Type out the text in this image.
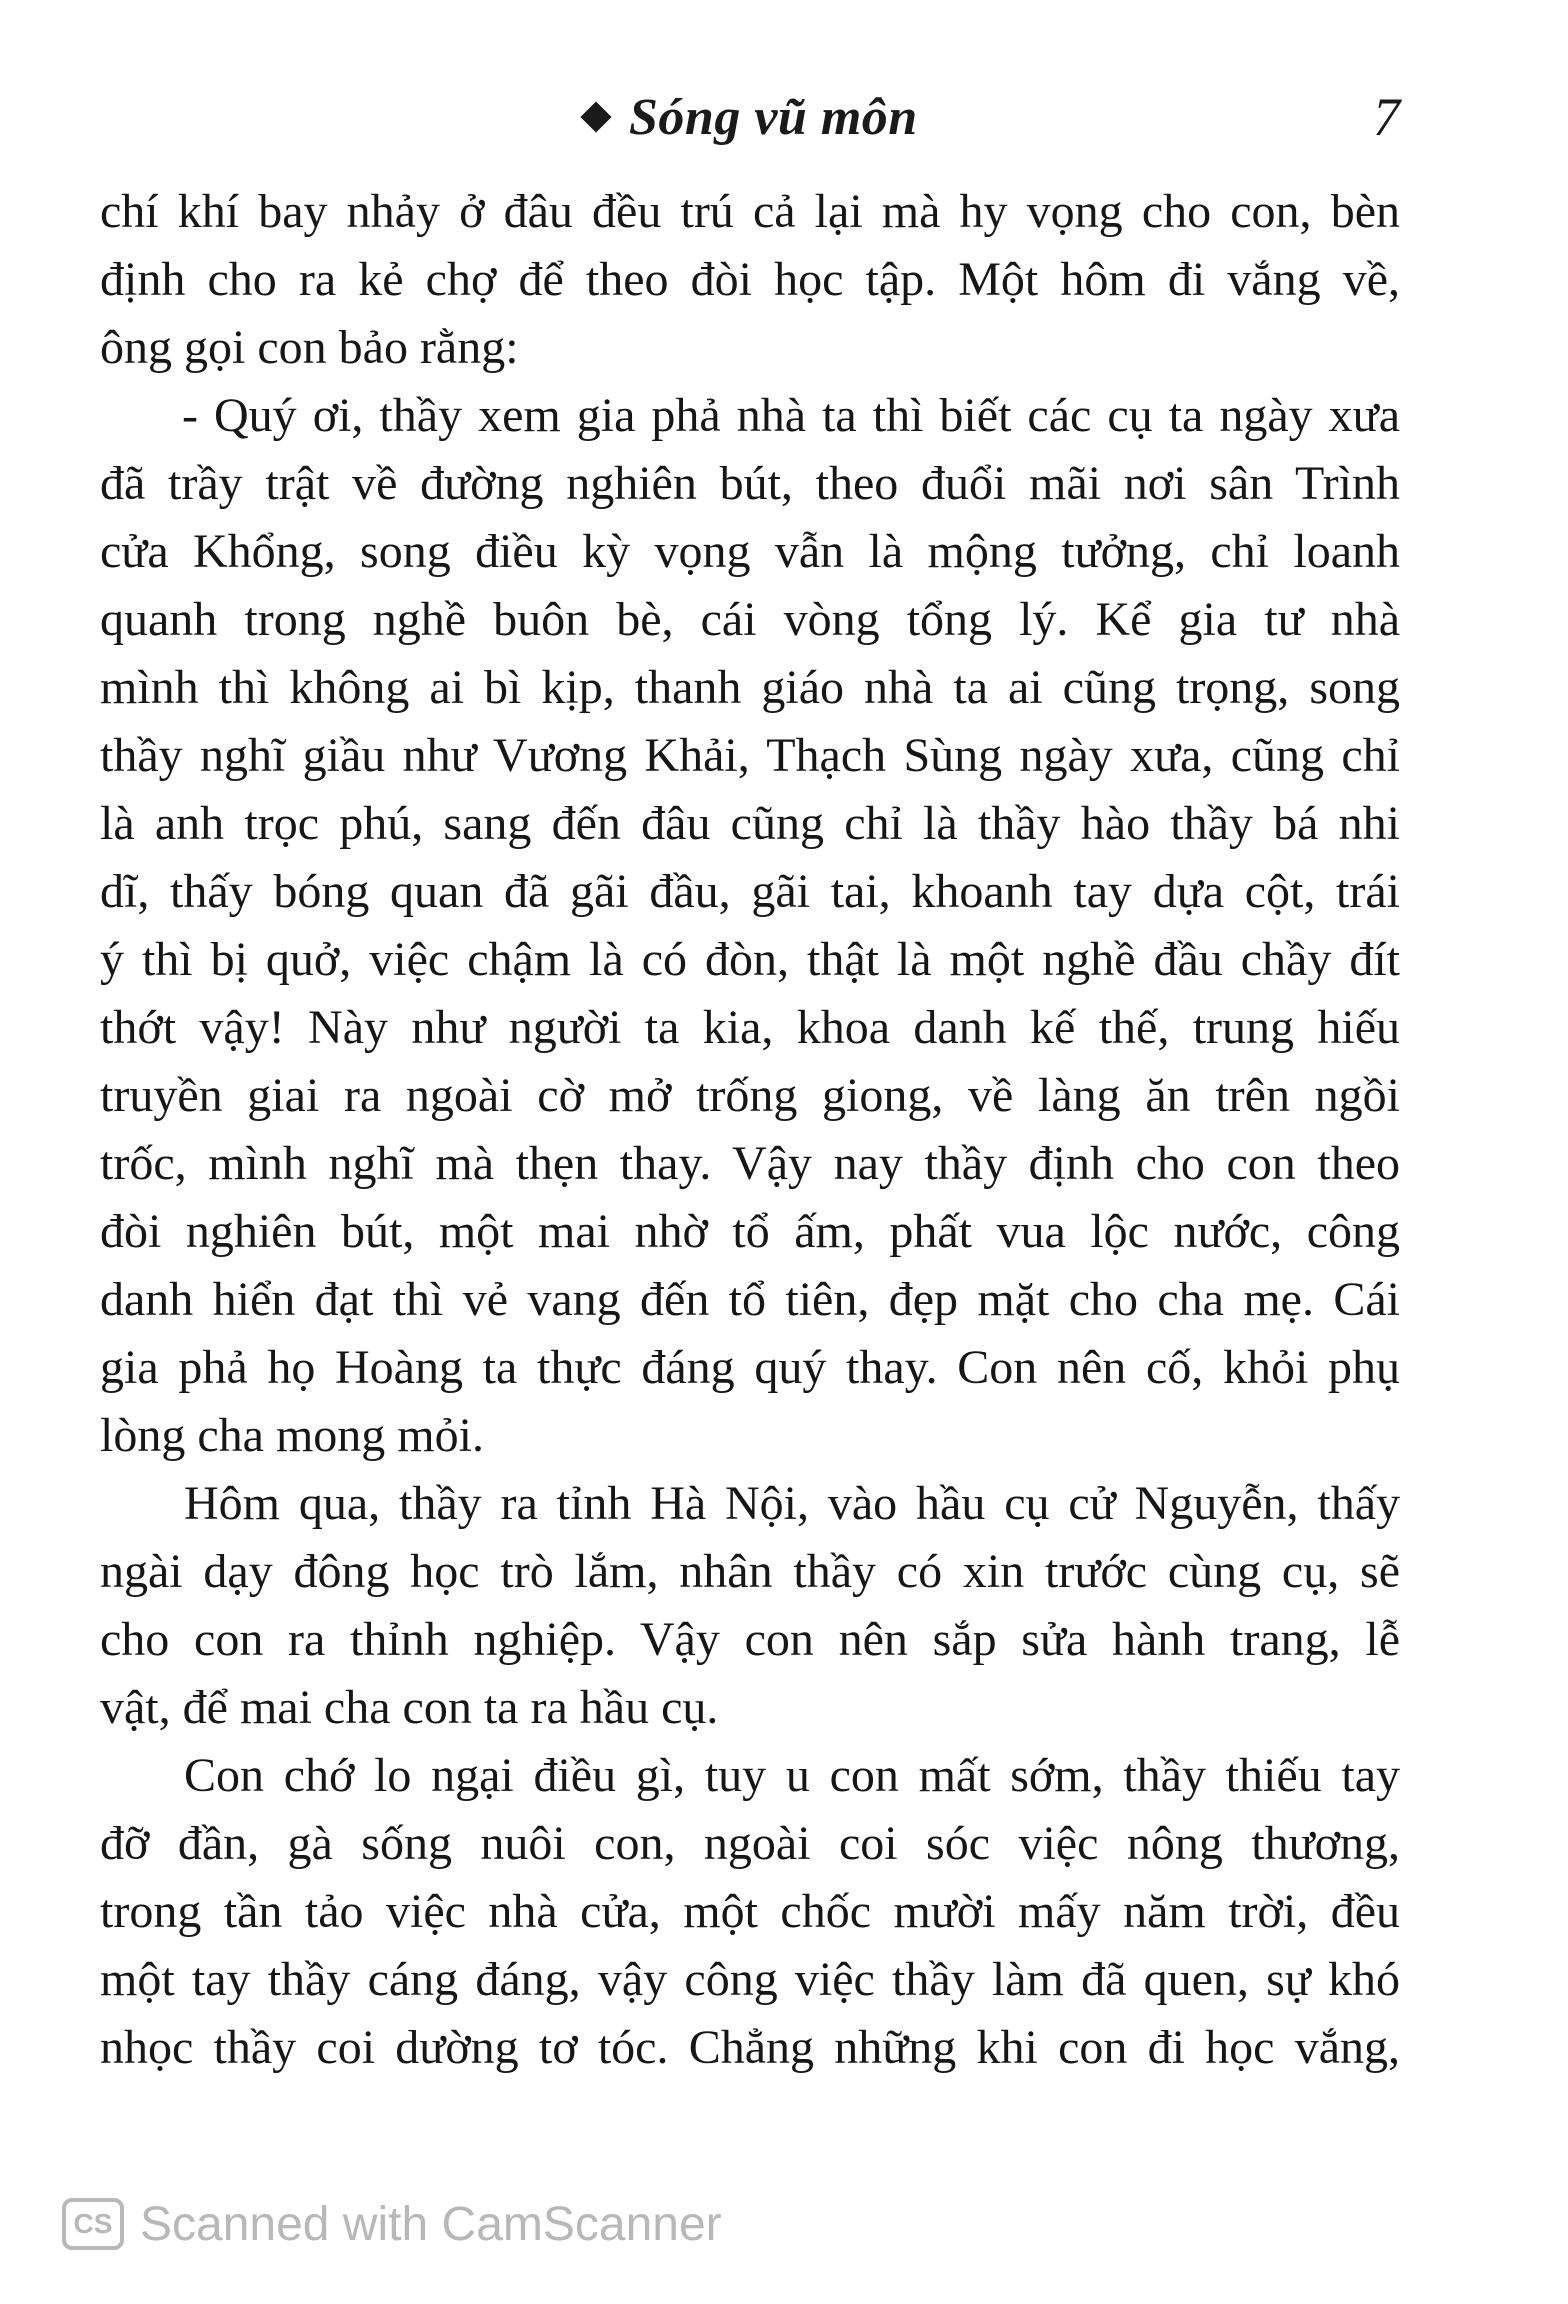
Sóng vũ môn	7
chí khí bay nhảy ở đâu đều trú cả lại mà hy vọng cho con, bèn
định cho ra kẻ chợ để theo đòi học tập. Một hôm đi vắng về,
ông gọi con bảo rằng:
- Quý ơi, thầy xem gia phả nhà ta thì biết các cụ ta ngày xưa
đã trầy trật về đường nghiên bút, theo đuổi mãi nơi sân Trình
cửa Khổng, song điều kỳ vọng vẫn là mộng tưởng, chỉ loanh
quanh trong nghề buôn bè, cái vòng tổng lý. Kể gia tư nhà
mình thì không ai bì kịp, thanh giáo nhà ta ai cũng trọng, song
thầy nghĩ giầu như Vương Khải, Thạch Sùng ngày xưa, cũng chỉ
là anh trọc phú, sang đến đâu cũng chỉ là thầy hào thầy bá nhi
dĩ, thấy bóng quan đã gãi đầu, gãi tai, khoanh tay dựa cột, trái
ý thì bị quở, việc chậm là có đòn, thật là một nghề đầu chầy đít
thớt vậy! Này như người ta kia, khoa danh kế thế, trung hiếu
truyền giai ra ngoài cờ mở trống giong, về làng ăn trên ngồi
trốc, mình nghĩ mà thẹn thay. Vậy nay thầy định cho con theo
đòi nghiên bút, một mai nhờ tổ ấm, phất vua lộc nước, công
danh hiển đạt thì vẻ vang đến tổ tiên, đẹp mặt cho cha mẹ. Cái
gia phả họ Hoàng ta thực đáng quý thay. Con nên cố, khỏi phụ
lòng cha mong mỏi.
Hôm qua, thầy ra tỉnh Hà Nội, vào hầu cụ cử Nguyễn, thấy
ngài dạy đông học trò lắm, nhân thầy có xin trước cùng cụ, sẽ
cho con ra thỉnh nghiệp. Vậy con nên sắp sửa hành trang, lễ
vật, để mai cha con ta ra hầu cụ.
Con chớ lo ngại điều gì, tuy u con mất sớm, thầy thiếu tay
đỡ đần, gà sống nuôi con, ngoài coi sóc việc nông thương,
trong tần tảo việc nhà cửa, một chốc mười mấy năm trời, đều
một tay thầy cáng đáng, vậy công việc thầy làm đã quen, sự khó
nhọc thầy coi dường tơ tóc. Chẳng những khi con đi học vắng,
CS Scanned with CamScanner
